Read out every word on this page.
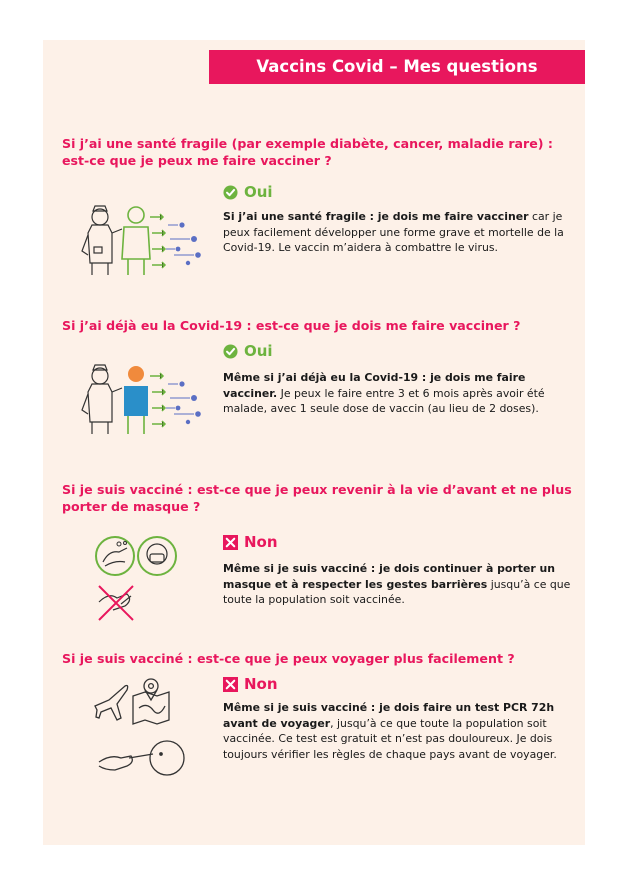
Vaccins Covid – Mes questions
Si j’ai une santé fragile (par exemple diabète, cancer, maladie rare) : est-ce que je peux me faire vacciner ?
Oui
Si j’ai une santé fragile : je dois me faire vacciner car je peux facilement développer une forme grave et mortelle de la Covid-19. Le vaccin m’aidera à combattre le virus.
Si j’ai déjà eu la Covid-19 : est-ce que je dois me faire vacciner ?
Oui
Même si j’ai déjà eu la Covid-19 : je dois me faire vacciner. Je peux le faire entre 3 et 6 mois après avoir été malade, avec 1 seule dose de vaccin (au lieu de 2 doses).
Si je suis vacciné : est-ce que je peux revenir à la vie d’avant et ne plus porter de masque ?
Non
Même si je suis vacciné : je dois continuer à porter un masque et à respecter les gestes barrières jusqu’à ce que toute la population soit vaccinée.
Si je suis vacciné : est-ce que je peux voyager plus facilement ?
Non
Même si je suis vacciné : je dois faire un test PCR 72h avant de voyager, jusqu’à ce que toute la population soit vaccinée. Ce test est gratuit et n’est pas douloureux. Je dois toujours vérifier les règles de chaque pays avant de voyager.
